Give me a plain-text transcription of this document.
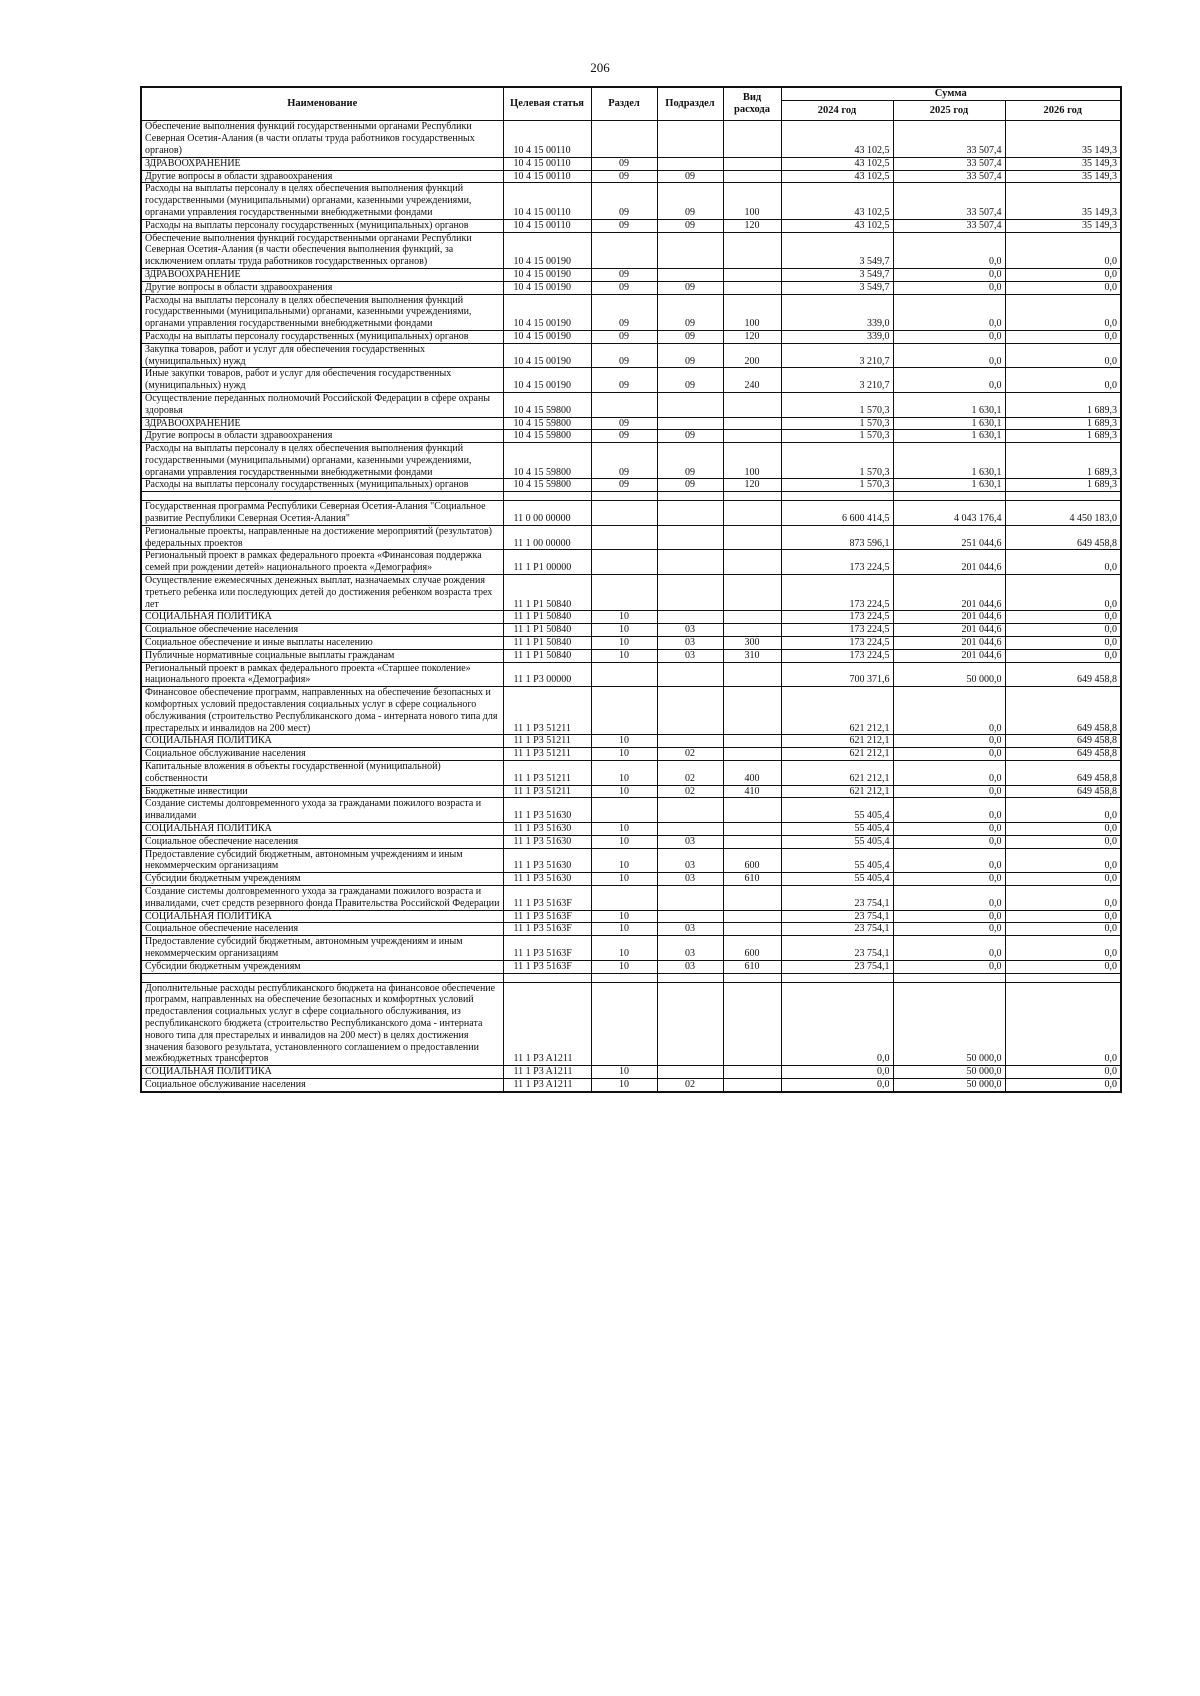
206
Наименование	Целевая статья	Раздел	Подраздел	Вид расхода	Сумма		
					2024 год	2025 год	2026 год
Обеспечение выполнения функций государственными органами Республики Северная Осетия-Алания (в части оплаты труда работников государственных органов)	10 4 15 00110				43 102,5	33 507,4	35 149,3
ЗДРАВООХРАНЕНИЕ	10 4 15 00110	09			43 102,5	33 507,4	35 149,3
Другие вопросы в области здравоохранения	10 4 15 00110	09	09		43 102,5	33 507,4	35 149,3
Расходы на выплаты персоналу в целях обеспечения выполнения функций государственными (муниципальными) органами, казенными учреждениями, органами управления государственными внебюджетными фондами	10 4 15 00110	09	09	100	43 102,5	33 507,4	35 149,3
Расходы на выплаты персоналу государственных (муниципальных) органов	10 4 15 00110	09	09	120	43 102,5	33 507,4	35 149,3
Обеспечение выполнения функций государственными органами Республики Северная Осетия-Алания (в части обеспечения выполнения функций, за исключением оплаты труда работников государственных органов)	10 4 15 00190				3 549,7	0,0	0,0
ЗДРАВООХРАНЕНИЕ	10 4 15 00190	09			3 549,7	0,0	0,0
Другие вопросы в области здравоохранения	10 4 15 00190	09	09		3 549,7	0,0	0,0
Расходы на выплаты персоналу в целях обеспечения выполнения функций государственными (муниципальными) органами, казенными учреждениями, органами управления государственными внебюджетными фондами	10 4 15 00190	09	09	100	339,0	0,0	0,0
Расходы на выплаты персоналу государственных (муниципальных) органов	10 4 15 00190	09	09	120	339,0	0,0	0,0
Закупка товаров, работ и услуг для обеспечения государственных (муниципальных) нужд	10 4 15 00190	09	09	200	3 210,7	0,0	0,0
Иные закупки товаров, работ и услуг для обеспечения государственных (муниципальных) нужд	10 4 15 00190	09	09	240	3 210,7	0,0	0,0
Осуществление переданных полномочий Российской Федерации в сфере охраны здоровья	10 4 15 59800				1 570,3	1 630,1	1 689,3
ЗДРАВООХРАНЕНИЕ	10 4 15 59800	09			1 570,3	1 630,1	1 689,3
Другие вопросы в области здравоохранения	10 4 15 59800	09	09		1 570,3	1 630,1	1 689,3
Расходы на выплаты персоналу в целях обеспечения выполнения функций государственными (муниципальными) органами, казенными учреждениями, органами управления государственными внебюджетными фондами	10 4 15 59800	09	09	100	1 570,3	1 630,1	1 689,3
Расходы на выплаты персоналу государственных (муниципальных) органов	10 4 15 59800	09	09	120	1 570,3	1 630,1	1 689,3

Государственная программа Республики Северная Осетия-Алания "Социальное развитие Республики Северная Осетия-Алания"	11 0 00 00000				6 600 414,5	4 043 176,4	4 450 183,0
Региональные проекты, направленные на достижение мероприятий (результатов) федеральных проектов	11 1 00 00000				873 596,1	251 044,6	649 458,8
Региональный проект в рамках федерального проекта «Финансовая поддержка семей при рождении детей» национального проекта «Демография»	11 1 P1 00000				173 224,5	201 044,6	0,0
Осуществление ежемесячных денежных выплат, назначаемых случае рождения третьего ребенка или последующих детей до достижения ребенком возраста трех лет	11 1 P1 50840				173 224,5	201 044,6	0,0
СОЦИАЛЬНАЯ ПОЛИТИКА	11 1 P1 50840	10			173 224,5	201 044,6	0,0
Социальное обеспечение населения	11 1 P1 50840	10	03		173 224,5	201 044,6	0,0
Социальное обеспечение и иные выплаты населению	11 1 P1 50840	10	03	300	173 224,5	201 044,6	0,0
Публичные нормативные социальные выплаты гражданам	11 1 P1 50840	10	03	310	173 224,5	201 044,6	0,0
Региональный проект в рамках федерального проекта «Старшее поколение» национального проекта «Демография»	11 1 P3 00000				700 371,6	50 000,0	649 458,8
Финансовое обеспечение программ, направленных на обеспечение безопасных и комфортных условий предоставления социальных услуг в сфере социального обслуживания (строительство Республиканского дома - интерната нового типа для престарелых и инвалидов на 200 мест)	11 1 P3 51211				621 212,1	0,0	649 458,8
СОЦИАЛЬНАЯ ПОЛИТИКА	11 1 P3 51211	10			621 212,1	0,0	649 458,8
Социальное обслуживание населения	11 1 P3 51211	10	02		621 212,1	0,0	649 458,8
Капитальные вложения в объекты государственной (муниципальной) собственности	11 1 P3 51211	10	02	400	621 212,1	0,0	649 458,8
Бюджетные инвестиции	11 1 P3 51211	10	02	410	621 212,1	0,0	649 458,8
Создание системы долговременного ухода за гражданами пожилого возраста и инвалидами	11 1 P3 51630				55 405,4	0,0	0,0
СОЦИАЛЬНАЯ ПОЛИТИКА	11 1 P3 51630	10			55 405,4	0,0	0,0
Социальное обеспечение населения	11 1 P3 51630	10	03		55 405,4	0,0	0,0
Предоставление субсидий бюджетным, автономным учреждениям и иным некоммерческим организациям	11 1 P3 51630	10	03	600	55 405,4	0,0	0,0
Субсидии бюджетным учреждениям	11 1 P3 51630	10	03	610	55 405,4	0,0	0,0
Создание системы долговременного ухода за гражданами пожилого возраста и инвалидами, счет средств резервного фонда Правительства Российской Федерации	11 1 P3 5163F				23 754,1	0,0	0,0
СОЦИАЛЬНАЯ ПОЛИТИКА	11 1 P3 5163F	10			23 754,1	0,0	0,0
Социальное обеспечение населения	11 1 P3 5163F	10	03		23 754,1	0,0	0,0
Предоставление субсидий бюджетным, автономным учреждениям и иным некоммерческим организациям	11 1 P3 5163F	10	03	600	23 754,1	0,0	0,0
Субсидии бюджетным учреждениям	11 1 P3 5163F	10	03	610	23 754,1	0,0	0,0

Дополнительные расходы республиканского бюджета на финансовое обеспечение программ, направленных на обеспечение безопасных и комфортных условий предоставления социальных услуг в сфере социального обслуживания, из республиканского бюджета (строительство Республиканского дома - интерната нового типа для престарелых и инвалидов на 200 мест) в целях достижения значения базового результата, установленного соглашением о предоставлении межбюджетных трансфертов	11 1 P3 A1211				0,0	50 000,0	0,0
СОЦИАЛЬНАЯ ПОЛИТИКА	11 1 P3 A1211	10			0,0	50 000,0	0,0
Социальное обслуживание населения	11 1 P3 A1211	10	02		0,0	50 000,0	0,0
